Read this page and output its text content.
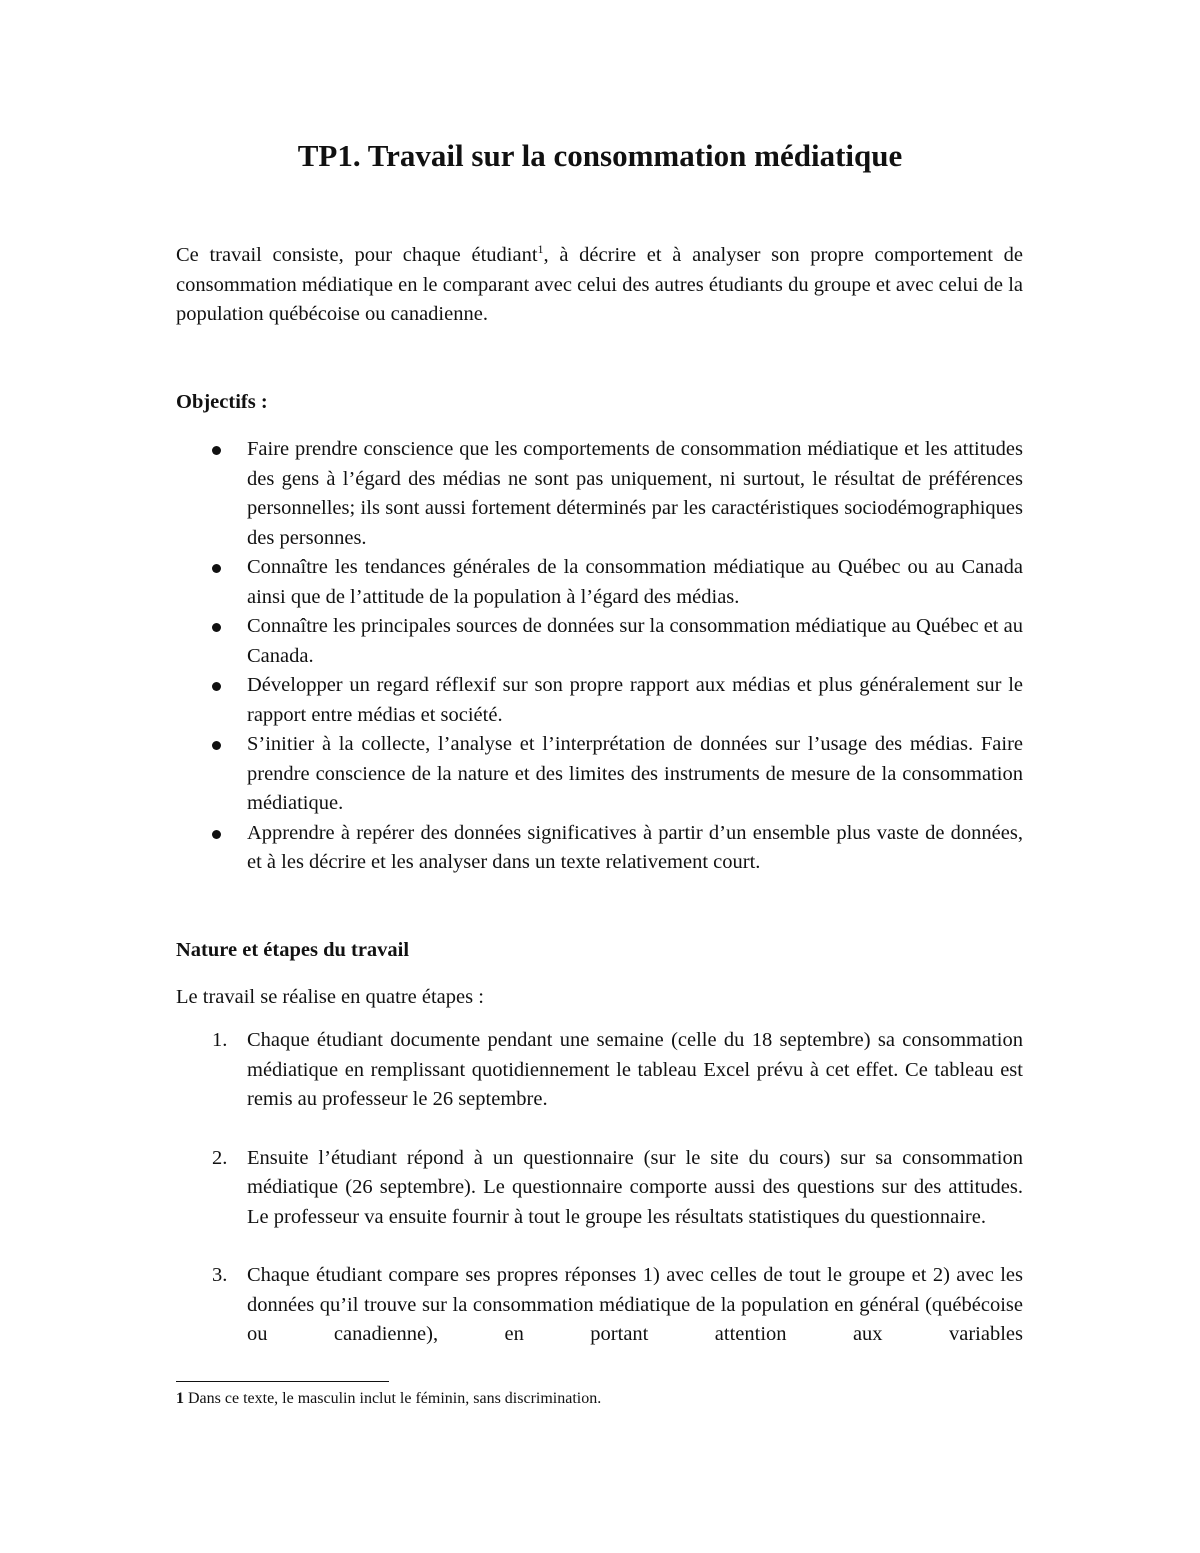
TP1. Travail sur la consommation médiatique

Ce travail consiste, pour chaque étudiant$^1$, à décrire et à analyser son propre comportement de consommation médiatique en le comparant avec celui des autres étudiants du groupe et avec celui de la population québécoise ou canadienne.

Objectifs :
Faire prendre conscience que les comportements de consommation médiatique et les attitudes des gens à l’égard des médias ne sont pas uniquement, ni surtout, le résultat de préférences personnelles; ils sont aussi fortement déterminés par les caractéristiques sociodémographiques des personnes.
Connaître les tendances générales de la consommation médiatique au Québec ou au Canada ainsi que de l’attitude de la population à l’égard des médias.
Connaître les principales sources de données sur la consommation médiatique au Québec et au Canada.
Développer un regard réflexif sur son propre rapport aux médias et plus généralement sur le rapport entre médias et société.
S’initier à la collecte, l’analyse et l’interprétation de données sur l’usage des médias. Faire prendre conscience de la nature et des limites des instruments de mesure de la consommation médiatique.
Apprendre à repérer des données significatives à partir d’un ensemble plus vaste de données, et à les décrire et les analyser dans un texte relativement court.
Nature et étapes du travail

Le travail se réalise en quatre étapes :

1. Chaque étudiant documente pendant une semaine (celle du 18 septembre) sa consommation médiatique en remplissant quotidiennement le tableau Excel prévu à cet effet. Ce tableau est remis au professeur le 26 septembre.
2. Ensuite l’étudiant répond à un questionnaire (sur le site du cours) sur sa consommation médiatique (26 septembre). Le questionnaire comporte aussi des questions sur des attitudes. Le professeur va ensuite fournir à tout le groupe les résultats statistiques du questionnaire.
3. Chaque étudiant compare ses propres réponses 1) avec celles de tout le groupe et 2) avec les données qu’il trouve sur la consommation médiatique de la population en général (québécoise ou canadienne), en portant attention aux variables

1 Dans ce texte, le masculin inclut le féminin, sans discrimination.
